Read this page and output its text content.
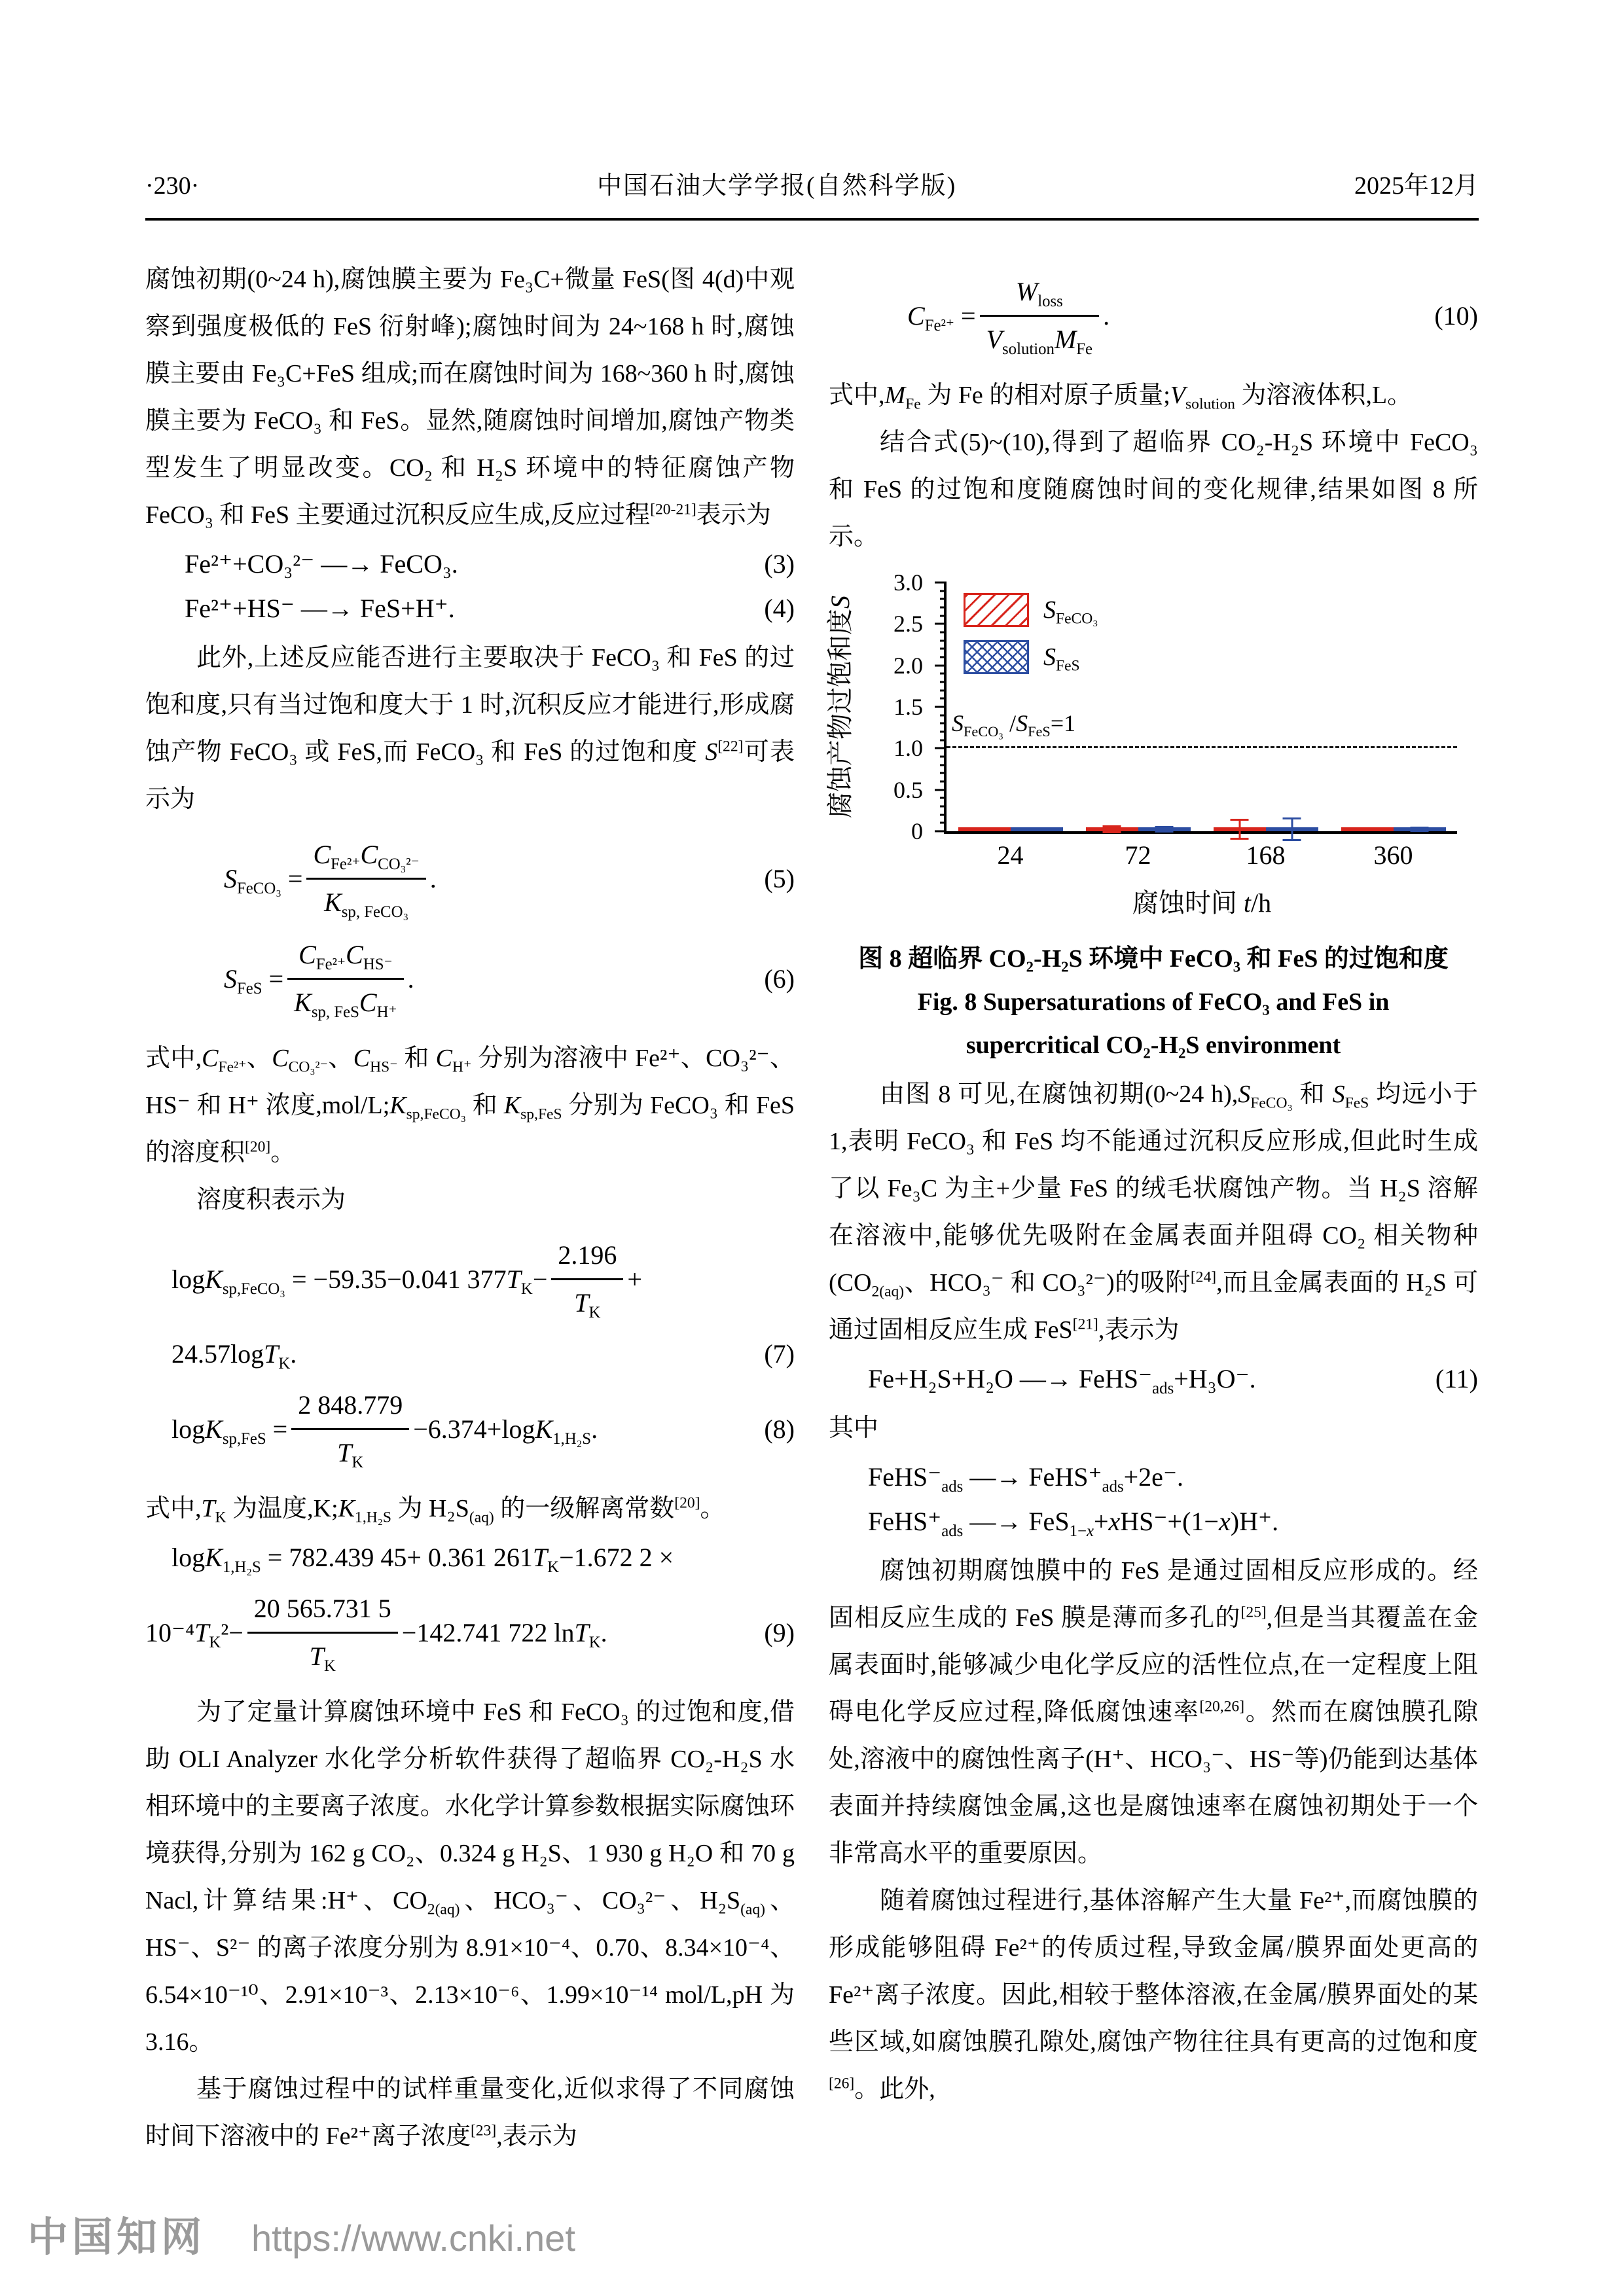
·230·	中国石油大学学报(自然科学版)	2025年12月

腐蚀初期(0~24 h),腐蚀膜主要为 Fe₃C+微量 FeS(图 4(d)中观察到强度极低的 FeS 衍射峰);腐蚀时间为 24~168 h 时,腐蚀膜主要由 Fe₃C+FeS 组成;而在腐蚀时间为 168~360 h 时,腐蚀膜主要为 FeCO₃ 和 FeS。显然,随腐蚀时间增加,腐蚀产物类型发生了明显改变。CO₂ 和 H₂S 环境中的特征腐蚀产物 FeCO₃ 和 FeS 主要通过沉积反应生成,反应过程[20-21]表示为

Fe²⁺+CO₃²⁻ —→ FeCO₃.	(3)
Fe²⁺+HS⁻ —→ FeS+H⁺.	(4)

此外,上述反应能否进行主要取决于 FeCO₃ 和 FeS 的过饱和度,只有当过饱和度大于 1 时,沉积反应才能进行,形成腐蚀产物 FeCO₃ 或 FeS,而 FeCO₃ 和 FeS 的过饱和度 S[22]可表示为

$S_{FeCO_3} = \frac{C_{Fe^{2+}}C_{CO_3^{2-}}}{K_{sp, FeCO_3}}$ .	(5)
$S_{FeS} = \frac{C_{Fe^{2+}}C_{HS^-}}{K_{sp, FeS}C_{H^+}}$ .	(6)

式中$,C_{Fe^{2+}}$、$C_{CO_3^{2-}}$、$C_{HS^-}$ 和 $C_{H^+}$ 分别为溶液中 Fe²⁺、CO₃²⁻、HS⁻ 和 H⁺ 浓度$,mol/L;K_{sp,FeCO_3}$ 和 $K_{sp,FeS}$ 分别为 FeCO₃ 和 FeS 的溶度积[20]。

溶度积表示为

logK$_{sp,FeCO_3}$ = −59.35−0.041 $377T_K- \frac{2.196}{T_K}$ +
24.57logT$_K$.	(7)
$\log K_{sp,FeS} = \frac{2 848.779}{T_K} -6.374+\log K_{1,H_2S}$.	(8)

式中$,T_K$ 为温度$,K;K_{1,H_2S}$ 为 $H_2S_{(aq)}$ 的一级解离常数[20]。

logK$_{1,H_2S}$ = 782.439 45+ 0.361 $261T_K-1.672$ 2 ×
$10^{-4}T_K^2- \frac{20 565.731 5}{T_K} -142.741$ 722 lnT$_K$.	(9)

为了定量计算腐蚀环境中 FeS 和 FeCO₃ 的过饱和度,借助 OLI Analyzer 水化学分析软件获得了超临界 CO₂-H₂S 水相环境中的主要离子浓度。水化学计算参数根据实际腐蚀环境获得,分别为 162 g CO₂、0.324 g H₂S、1 930 g H₂O 和 70 g Nacl,计算结果:H⁺、$CO_{2(aq)}$、HCO₃⁻、CO₃²⁻、$H_2S_{(aq)}$、HS⁻、S²⁻ 的离子浓度分别为 8.91×10⁻⁴、0.70、8.34×10⁻⁴、6.54×10⁻¹⁰、2.91×10⁻³、2.13×10⁻⁶、1.99×10⁻¹⁴ mol/L,pH 为 3.16。

基于腐蚀过程中的试样重量变化,近似求得了不同腐蚀时间下溶液中的 Fe²⁺离子浓度[23],表示为

$C_{Fe^{2+}} = \frac{W_{loss}}{V_{solution}M_{Fe}}$ .	(10)

式中$,M_{Fe}$ 为 Fe 的相对原子质量$;V_{solution}$ 为溶液体积,L。

结合式(5)~(10),得到了超临界 CO₂-H₂S 环境中 FeCO₃ 和 FeS 的过饱和度随腐蚀时间的变化规律,结果如图 8 所示。

腐蚀产物过饱和度S
0
0.5
1.0
1.5
2.0
2.5
3.0
$S_{FeCO_3}$ $/S_{FeS}=1$
24	72	168	360
$S_{FeCO_3}$
$S_{FeS}$
腐蚀时间 t/h

图 8 超临界 CO₂-H₂S 环境中 FeCO₃ 和 FeS 的过饱和度

Fig. 8 Supersaturations of FeCO₃ and FeS in

supercritical CO₂-H₂S environment

由图 8 可见,在腐蚀初期(0~24 $h),S_{FeCO_3}$ 和 $S_{FeS}$ 均远小于 1,表明 FeCO₃ 和 FeS 均不能通过沉积反应形成,但此时生成了以 Fe₃C 为主+少量 FeS 的绒毛状腐蚀产物。当 H₂S 溶解在溶液中,能够优先吸附在金属表面并阻碍 CO₂ 相关物种($CO_{2(aq)}$、HCO₃⁻ 和 CO₃²⁻)的吸附[24],而且金属表面的 H₂S 可通过固相反应生成 FeS[21],表示为

Fe+H₂S+H₂O —→ $FeHS^-_{ads}+H_3O^-$.	(11)

其中

$FeHS^-_{ads}$ —→ $FeHS^+_{ads}+2e^-$.
$FeHS^+_{ads}$ —→ FeS$_{1-x}$+xHS⁻+(1−x)H⁺.

腐蚀初期腐蚀膜中的 FeS 是通过固相反应形成的。经固相反应生成的 FeS 膜是薄而多孔的[25],但是当其覆盖在金属表面时,能够减少电化学反应的活性位点,在一定程度上阻碍电化学反应过程,降低腐蚀速率[20,26]。然而在腐蚀膜孔隙处,溶液中的腐蚀性离子(H⁺、HCO₃⁻、HS⁻等)仍能到达基体表面并持续腐蚀金属,这也是腐蚀速率在腐蚀初期处于一个非常高水平的重要原因。

随着腐蚀过程进行,基体溶解产生大量 Fe²⁺,而腐蚀膜的形成能够阻碍 Fe²⁺的传质过程,导致金属/膜界面处更高的 Fe²⁺离子浓度。因此,相较于整体溶液,在金属/膜界面处的某些区域,如腐蚀膜孔隙处,腐蚀产物往往具有更高的过饱和度[26]。此外,

中国知网 https://www.cnki.net
